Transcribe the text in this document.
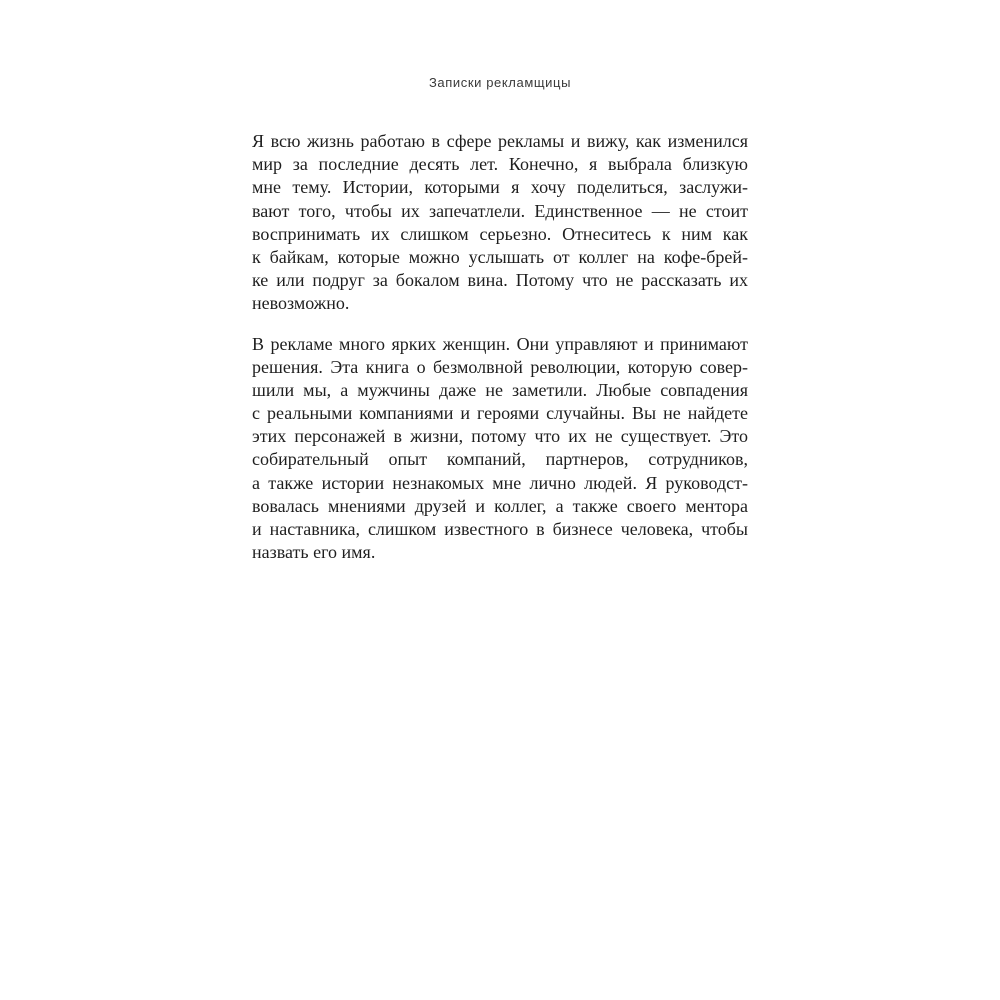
Записки рекламщицы
Я всю жизнь работаю в сфере рекламы и вижу, как изменился
мир за последние десять лет. Конечно, я выбрала близкую
мне тему. Истории, которыми я хочу поделиться, заслужи-
вают того, чтобы их запечатлели. Единственное — не стоит
воспринимать их слишком серьезно. Отнеситесь к ним как
к байкам, которые можно услышать от коллег на кофе-брей-
ке или подруг за бокалом вина. Потому что не рассказать их
невозможно.
В рекламе много ярких женщин. Они управляют и принимают
решения. Эта книга о безмолвной революции, которую совер-
шили мы, а мужчины даже не заметили. Любые совпадения
с реальными компаниями и героями случайны. Вы не найдете
этих персонажей в жизни, потому что их не существует. Это
собирательный опыт компаний, партнеров, сотрудников,
а также истории незнакомых мне лично людей. Я руководст-
вовалась мнениями друзей и коллег, а также своего ментора
и наставника, слишком известного в бизнесе человека, чтобы
назвать его имя.
